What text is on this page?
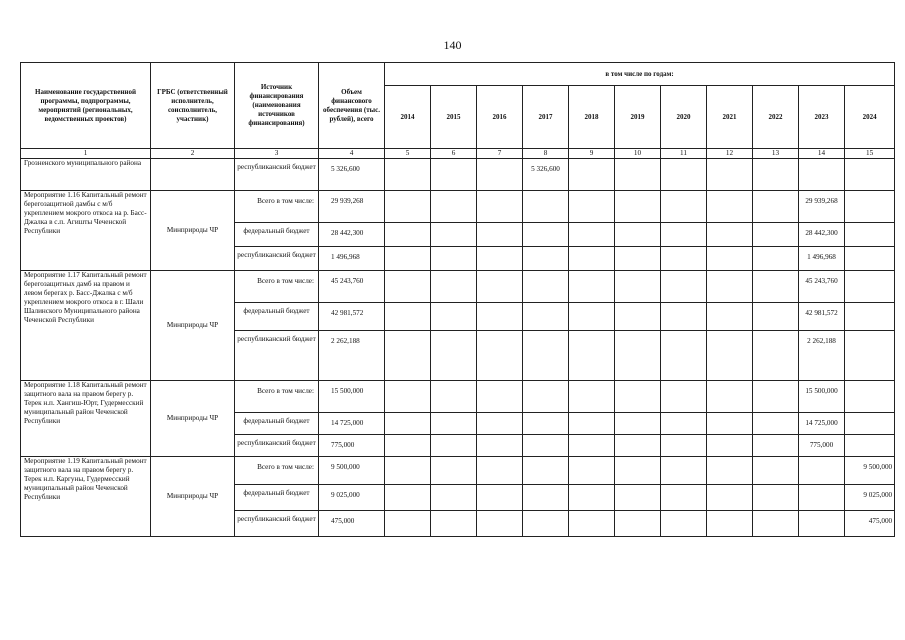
140
Наименование государственной программы, подпрограммы, мероприятий (региональных, ведомственных проектов)	ГРБС (ответственный исполнитель, соисполнитель, участник)	Источник финансирования (наименования источников финансирования)	Объем финансового обеспечения (тыс. рублей), всего	в том числе по годам:										
				2014	2015	2016	2017	2018	2019	2020	2021	2022	2023	2024
1	2	3	4	5	6	7	8	9	10	11	12	13	14	15
Грозненского муниципального района		республиканский бюджет	5 326,600				5 326,600							
Мероприятие 1.16 Капитальный ремонт берегозащитной дамбы с м/б укреплением мокрого откоса на р. Басс-Джалка в с.п. Агишты Чеченской Республики	Минприроды ЧР	Всего в том числе:	29 939,268										29 939,268	
		федеральный бюджет	28 442,300										28 442,300	
		республиканский бюджет	1 496,968										1 496,968	
Мероприятие 1.17 Капитальный ремонт берегозащитных дамб на правом и левом берегах р. Басс-Джалка с м/б укреплением мокрого откоса в г. Шали Шалинского Муниципального района Чеченской Республики	Минприроды ЧР	Всего в том числе:	45 243,760										45 243,760	
		федеральный бюджет	42 981,572										42 981,572	
		республиканский бюджет	2 262,188										2 262,188	
Мероприятие 1.18 Капитальный ремонт защитного вала на правом берегу р. Терек н.п. Хангиш-Юрт, Гудермесский муниципальный район Чеченской Республики	Минприроды ЧР	Всего в том числе:	15 500,000										15 500,000	
		федеральный бюджет	14 725,000										14 725,000	
		республиканский бюджет	775,000										775,000	
Мероприятие 1.19 Капитальный ремонт защитного вала на правом берегу р. Терек н.п. Каргуны, Гудермесский муниципальный район Чеченской Республики	Минприроды ЧР	Всего в том числе:	9 500,000											9 500,000
		федеральный бюджет	9 025,000											9 025,000
		республиканский бюджет	475,000											475,000
